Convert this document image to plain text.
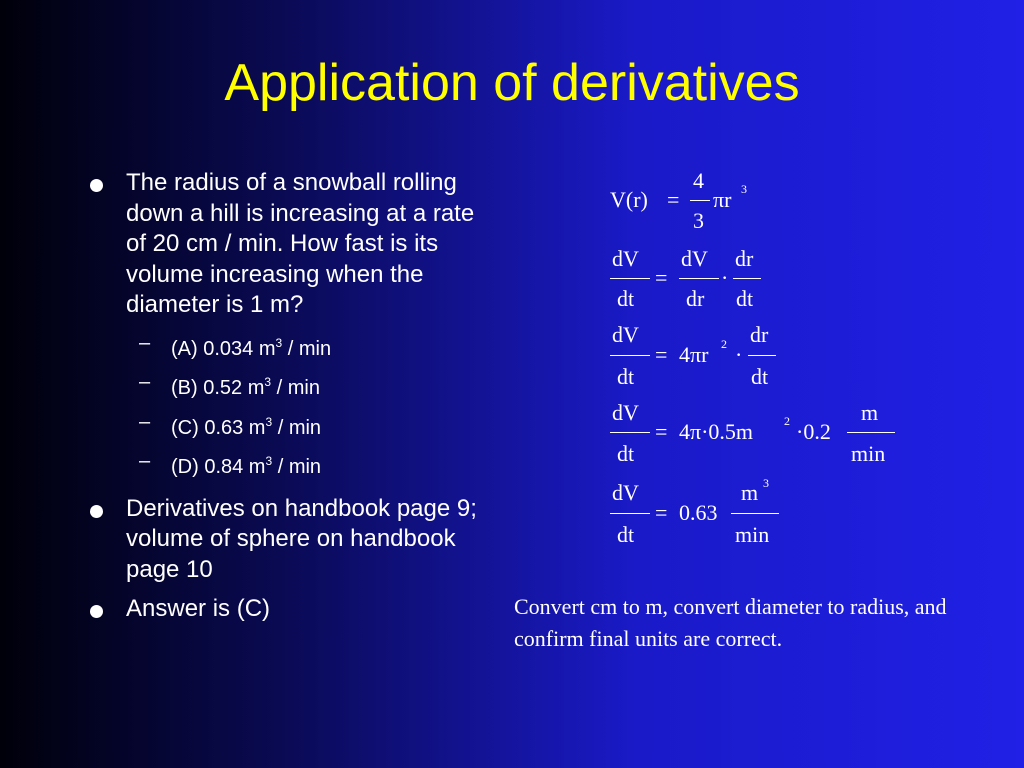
Application of derivatives
The radius of a snowball rolling down a hill is increasing at a rate of 20 cm / min. How fast is its volume increasing when the diameter is 1 m?
– (A) 0.034 $m^3$ / min
– (B) 0.52 $m^3$ / min
– (C) 0.63 $m^3$ / min
– (D) 0.84 $m^3$ / min
Derivatives on handbook page 9; volume of sphere on handbook page 10
Answer is (C)
V(r) =
4
3
πr 3
dV
dt
=
dV
dr
·
dr
dt
dV
dt
= 4πr 2 ·
dr
dt
dV
dt
= 4π·0.5m	2 ·0.2
m
min
dV
dt
= 0.63
m 3
min
Convert cm to m, convert diameter to radius, and confirm final units are correct.
